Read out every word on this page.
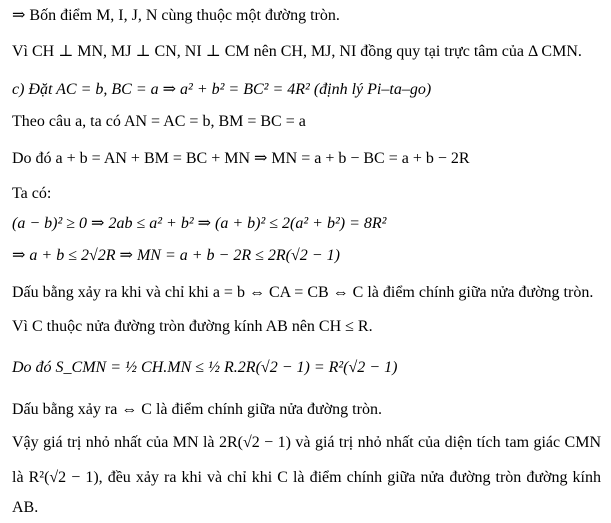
⇒ Bốn điểm M, I, J, N cùng thuộc một đường tròn.
Vì CH ⊥ MN, MJ ⊥ CN, NI ⊥ CM nên CH, MJ, NI đồng quy tại trực tâm của Δ CMN.
c) Đặt AC = b, BC = a ⇒ a² + b² = BC² = 4R² (định lý Pi–ta–go)
Theo câu a, ta có AN = AC = b, BM = BC = a
Do đó a + b = AN + BM = BC + MN ⇒ MN = a + b − BC = a + b − 2R
Ta có:
(a − b)² ≥ 0 ⇒ 2ab ≤ a² + b² ⇒ (a + b)² ≤ 2(a² + b²) = 8R²
⇒ a + b ≤ 2√2R ⇒ MN = a + b − 2R ≤ 2R(√2 − 1)
Dấu bằng xảy ra khi và chỉ khi a = b ⇔ CA = CB ⇔ C là điểm chính giữa nửa đường tròn.
Vì C thuộc nửa đường tròn đường kính AB nên CH ≤ R.
Do đó S_CMN = ½ CH.MN ≤ ½ R.2R(√2 − 1) = R²(√2 − 1)
Dấu bằng xảy ra ⇔ C là điểm chính giữa nửa đường tròn.
Vậy giá trị nhỏ nhất của MN là 2R(√2 − 1) và giá trị nhỏ nhất của diện tích tam giác CMN
là R²(√2 − 1), đều xảy ra khi và chỉ khi C là điểm chính giữa nửa đường tròn đường kính
AB.
